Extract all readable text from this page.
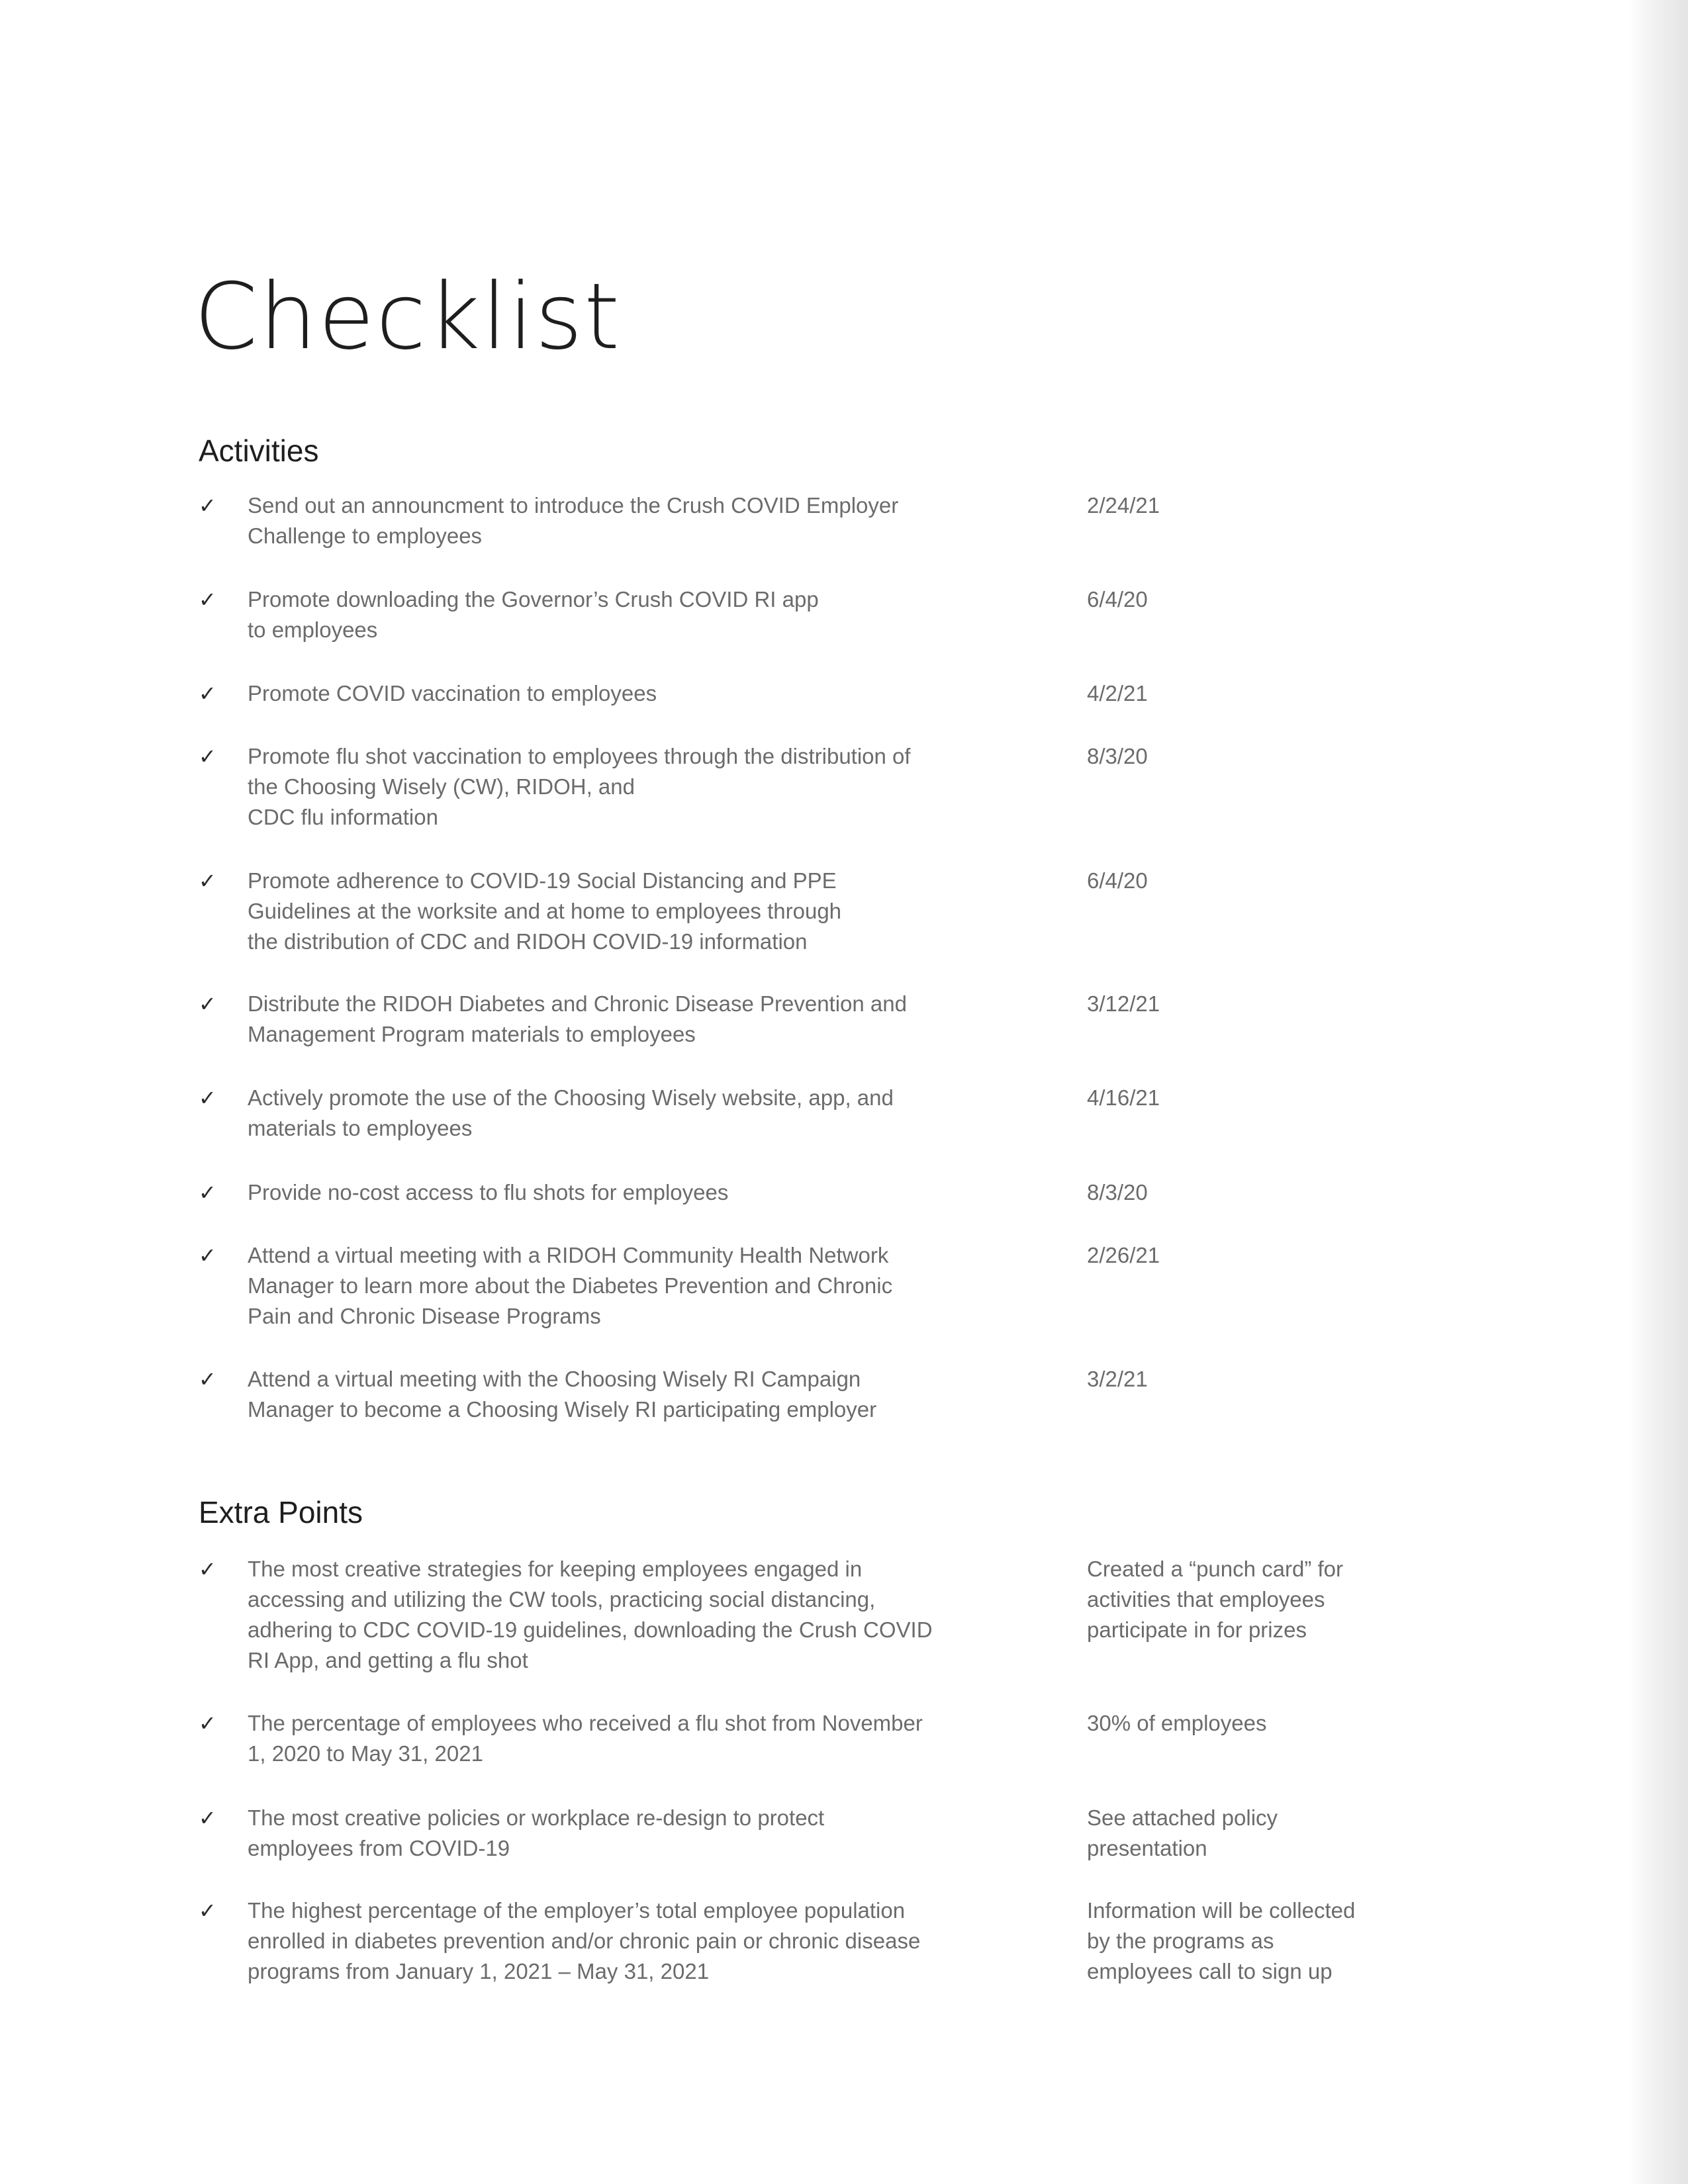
Checklist
Activities
✓ Send out an announcment to introduce the Crush COVID Employer
Challenge to employees

2/24/21

✓ Promote downloading the Governor’s Crush COVID RI app
to employees

6/4/20

✓ Promote COVID vaccination to employees	4/2/21

✓ Promote flu shot vaccination to employees through the distribution of
the Choosing Wisely (CW), RIDOH, and
CDC flu information

8/3/20

✓ Promote adherence to COVID-19 Social Distancing and PPE
Guidelines at the worksite and at home to employees through
the distribution of CDC and RIDOH COVID-19 information

6/4/20

✓ Distribute the RIDOH Diabetes and Chronic Disease Prevention and
Management Program materials to employees

3/12/21

✓ Actively promote the use of the Choosing Wisely website, app, and
materials to employees

4/16/21

✓ Provide no-cost access to flu shots for employees	8/3/20

✓ Attend a virtual meeting with a RIDOH Community Health Network
Manager to learn more about the Diabetes Prevention and Chronic
Pain and Chronic Disease Programs

2/26/21

✓ Attend a virtual meeting with the Choosing Wisely RI Campaign
Manager to become a Choosing Wisely RI participating employer

3/2/21

Extra Points
✓ The most creative strategies for keeping employees engaged in
accessing and utilizing the CW tools, practicing social distancing,
adhering to CDC COVID-19 guidelines, downloading the Crush COVID
RI App, and getting a flu shot

Created a “punch card” for
activities that employees
participate in for prizes

✓ The percentage of employees who received a flu shot from November
1, 2020 to May 31, 2021

30% of employees

✓ The most creative policies or workplace re-design to protect
employees from COVID-19

See attached policy
presentation

✓ The highest percentage of the employer’s total employee population
enrolled in diabetes prevention and/or chronic pain or chronic disease
programs from January 1, 2021 – May 31, 2021

Information will be collected
by the programs as
employees call to sign up
